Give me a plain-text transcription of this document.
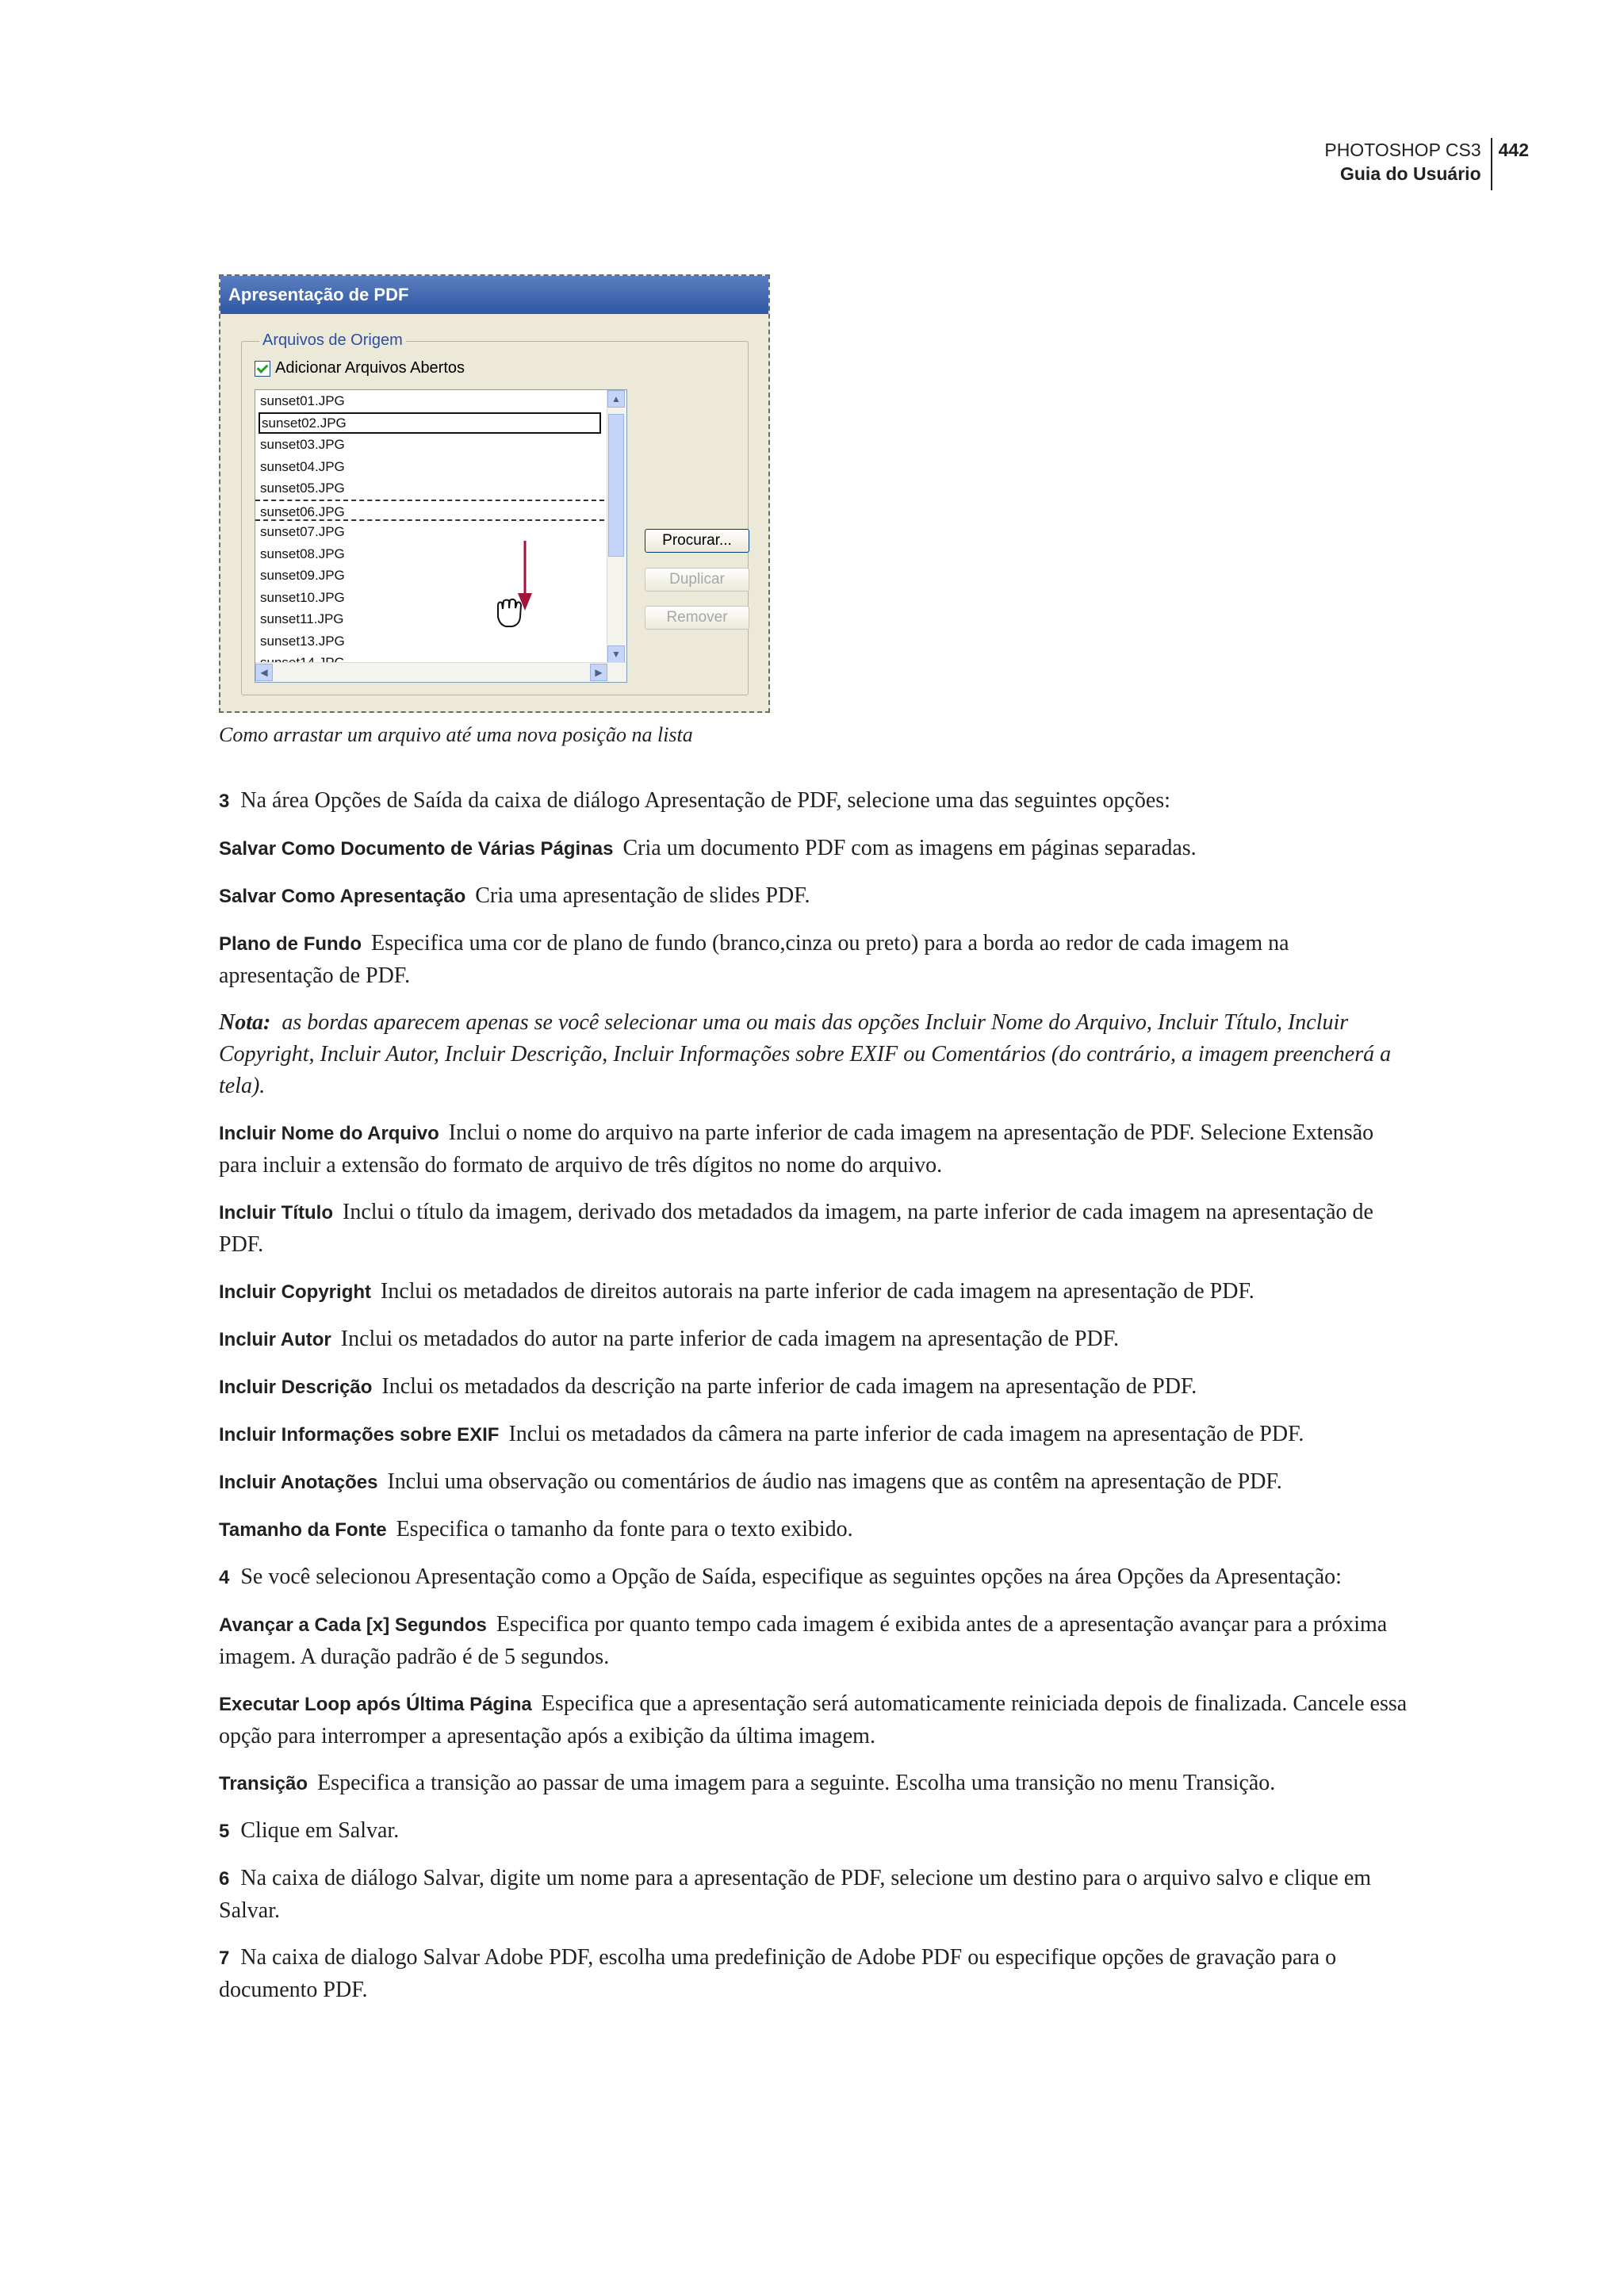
PHOTOSHOP CS3
Guia do Usuário
442
Apresentação de PDF
Arquivos de Origem
Adicionar Arquivos Abertos
sunset01.JPG
sunset02.JPG
sunset03.JPG
sunset04.JPG
sunset05.JPG
sunset06.JPG
sunset07.JPG
sunset08.JPG
sunset09.JPG
sunset10.JPG
sunset11.JPG
sunset13.JPG
▲
▼
◀	▶
Procurar...
Duplicar
Remover
Como arrastar um arquivo até uma nova posição na lista

3 Na área Opções de Saída da caixa de diálogo Apresentação de PDF, selecione uma das seguintes opções:

Salvar Como Documento de Várias Páginas Cria um documento PDF com as imagens em páginas separadas.

Salvar Como Apresentação Cria uma apresentação de slides PDF.

Plano de Fundo Especifica uma cor de plano de fundo (branco,cinza ou preto) para a borda ao redor de cada imagem na apresentação de PDF.

Nota: as bordas aparecem apenas se você selecionar uma ou mais das opções Incluir Nome do Arquivo, Incluir Título, Incluir Copyright, Incluir Autor, Incluir Descrição, Incluir Informações sobre EXIF ou Comentários (do contrário, a imagem preencherá a tela).

Incluir Nome do Arquivo Inclui o nome do arquivo na parte inferior de cada imagem na apresentação de PDF. Selecione Extensão para incluir a extensão do formato de arquivo de três dígitos no nome do arquivo.

Incluir Título Inclui o título da imagem, derivado dos metadados da imagem, na parte inferior de cada imagem na apresentação de PDF.

Incluir Copyright Inclui os metadados de direitos autorais na parte inferior de cada imagem na apresentação de PDF.

Incluir Autor Inclui os metadados do autor na parte inferior de cada imagem na apresentação de PDF.

Incluir Descrição Inclui os metadados da descrição na parte inferior de cada imagem na apresentação de PDF.

Incluir Informações sobre EXIF Inclui os metadados da câmera na parte inferior de cada imagem na apresentação de PDF.

Incluir Anotações Inclui uma observação ou comentários de áudio nas imagens que as contêm na apresentação de PDF.

Tamanho da Fonte Especifica o tamanho da fonte para o texto exibido.

4 Se você selecionou Apresentação como a Opção de Saída, especifique as seguintes opções na área Opções da Apresentação:

Avançar a Cada [x] Segundos Especifica por quanto tempo cada imagem é exibida antes de a apresentação avançar para a próxima imagem. A duração padrão é de 5 segundos.

Executar Loop após Última Página Especifica que a apresentação será automaticamente reiniciada depois de finalizada. Cancele essa opção para interromper a apresentação após a exibição da última imagem.

Transição Especifica a transição ao passar de uma imagem para a seguinte. Escolha uma transição no menu Transição.

5 Clique em Salvar.

6 Na caixa de diálogo Salvar, digite um nome para a apresentação de PDF, selecione um destino para o arquivo salvo e clique em Salvar.

7 Na caixa de dialogo Salvar Adobe PDF, escolha uma predefinição de Adobe PDF ou especifique opções de gravação para o documento PDF.
